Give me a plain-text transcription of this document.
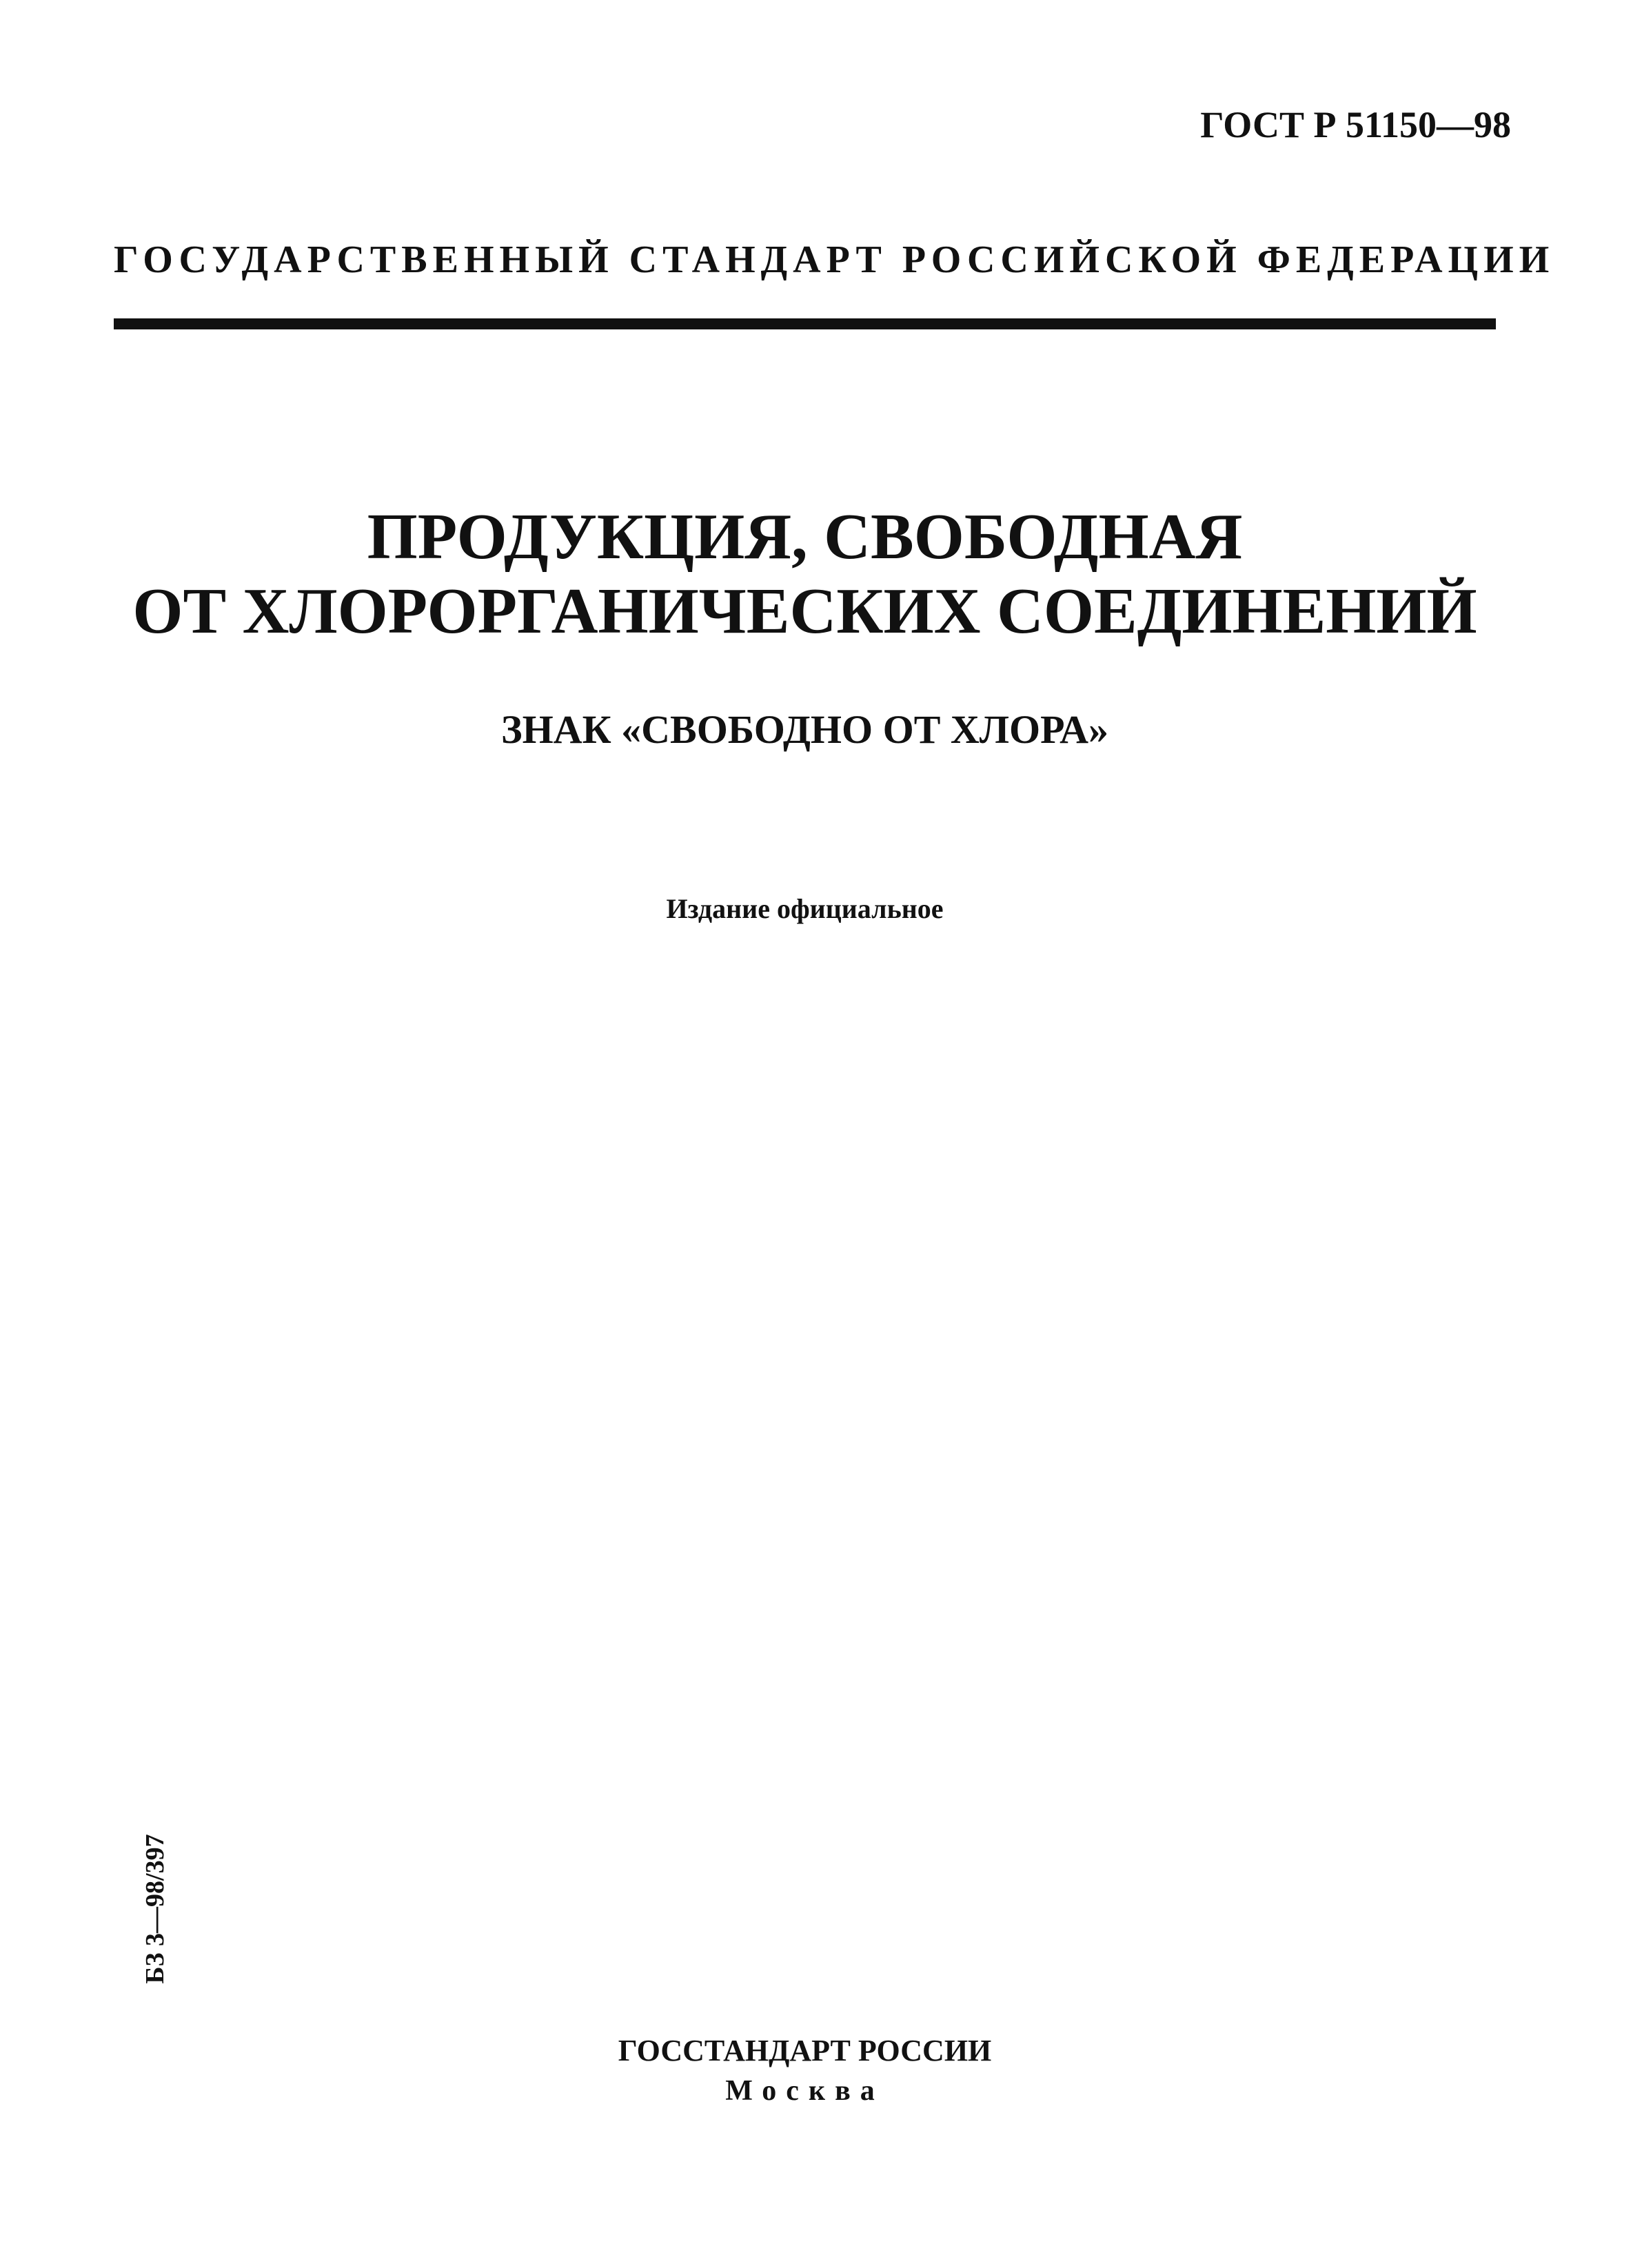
ГОСТ Р 51150—98
ГОСУДАРСТВЕННЫЙ СТАНДАРТ РОССИЙСКОЙ ФЕДЕРАЦИИ
ПРОДУКЦИЯ, СВОБОДНАЯ
ОТ ХЛОРОРГАНИЧЕСКИХ СОЕДИНЕНИЙ
ЗНАК «СВОБОДНО ОТ ХЛОРА»
Издание официальное
БЗ 3—98/397
ГОССТАНДАРТ РОССИИ
Москва
